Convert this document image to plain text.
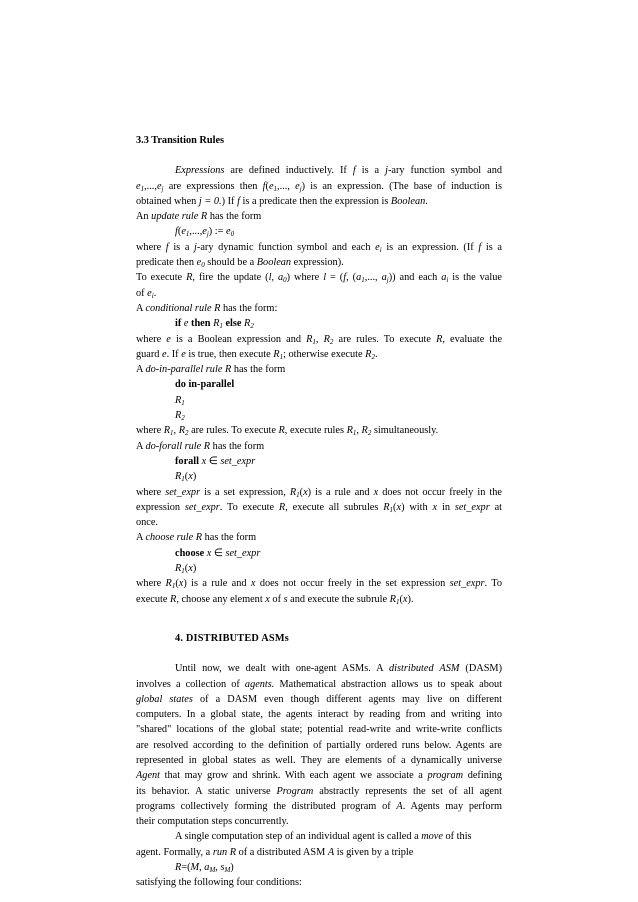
3.3 Transition Rules
Expressions are defined inductively. If f is a j-ary function symbol and
$e_1,...,e_j$ are expressions then $f(e_1$,..., $e_j$) is an expression. (The base of induction is
obtained when j = 0.) If f is a predicate then the expression is Boolean.
An update rule R has the form
$f(e_1,...,e_j)$ := $e_0$
where f is a j-ary dynamic function symbol and each $e_i$ is an expression. (If f is a
predicate then $e_0$ should be a Boolean expression).
To execute R, fire the update (l, $a_0$) where l = (f, ($a_1$,..., $a_j$)) and each $a_i$ is the value
of $e_i$.
A conditional rule R has the form:
if e then $R_1$ else $R_2$
where e is a Boolean expression and $R_1$, $R_2$ are rules. To execute R, evaluate the
guard e. If e is true, then execute $R_1$; otherwise execute $R_2$.
A do-in-parallel rule R has the form
do in-parallel
$R_1$
$R_2$
where $R_1$, $R_2$ are rules. To execute R, execute rules $R_1$, $R_2$ simultaneously.
A do-forall rule R has the form
forall x ∈ set_expr
$R_1(x)$
where set_expr is a set expression, $R_1(x)$ is a rule and x does not occur freely in the
expression set_expr. To execute R, execute all subrules $R_1(x)$ with x in set_expr at
once.
A choose rule R has the form
choose x ∈ set_expr
$R_1(x)$
where $R_1(x)$ is a rule and x does not occur freely in the set expression set_expr. To
execute R, choose any element x of s and execute the subrule $R_1(x)$.
4. DISTRIBUTED ASMs
Until now, we dealt with one-agent ASMs. A distributed ASM (DASM)
involves a collection of agents. Mathematical abstraction allows us to speak about
global states of a DASM even though different agents may live on different
computers. In a global state, the agents interact by reading from and writing into
"shared" locations of the global state; potential read-write and write-write conflicts
are resolved according to the definition of partially ordered runs below. Agents are
represented in global states as well. They are elements of a dynamically universe
Agent that may grow and shrink. With each agent we associate a program defining
its behavior. A static universe Program abstractly represents the set of all agent
programs collectively forming the distributed program of A. Agents may perform
their computation steps concurrently.
A single computation step of an individual agent is called a move of this
agent. Formally, a run R of a distributed ASM A is given by a triple
R=(M, $a_M$, $s_M$)
satisfying the following four conditions:
